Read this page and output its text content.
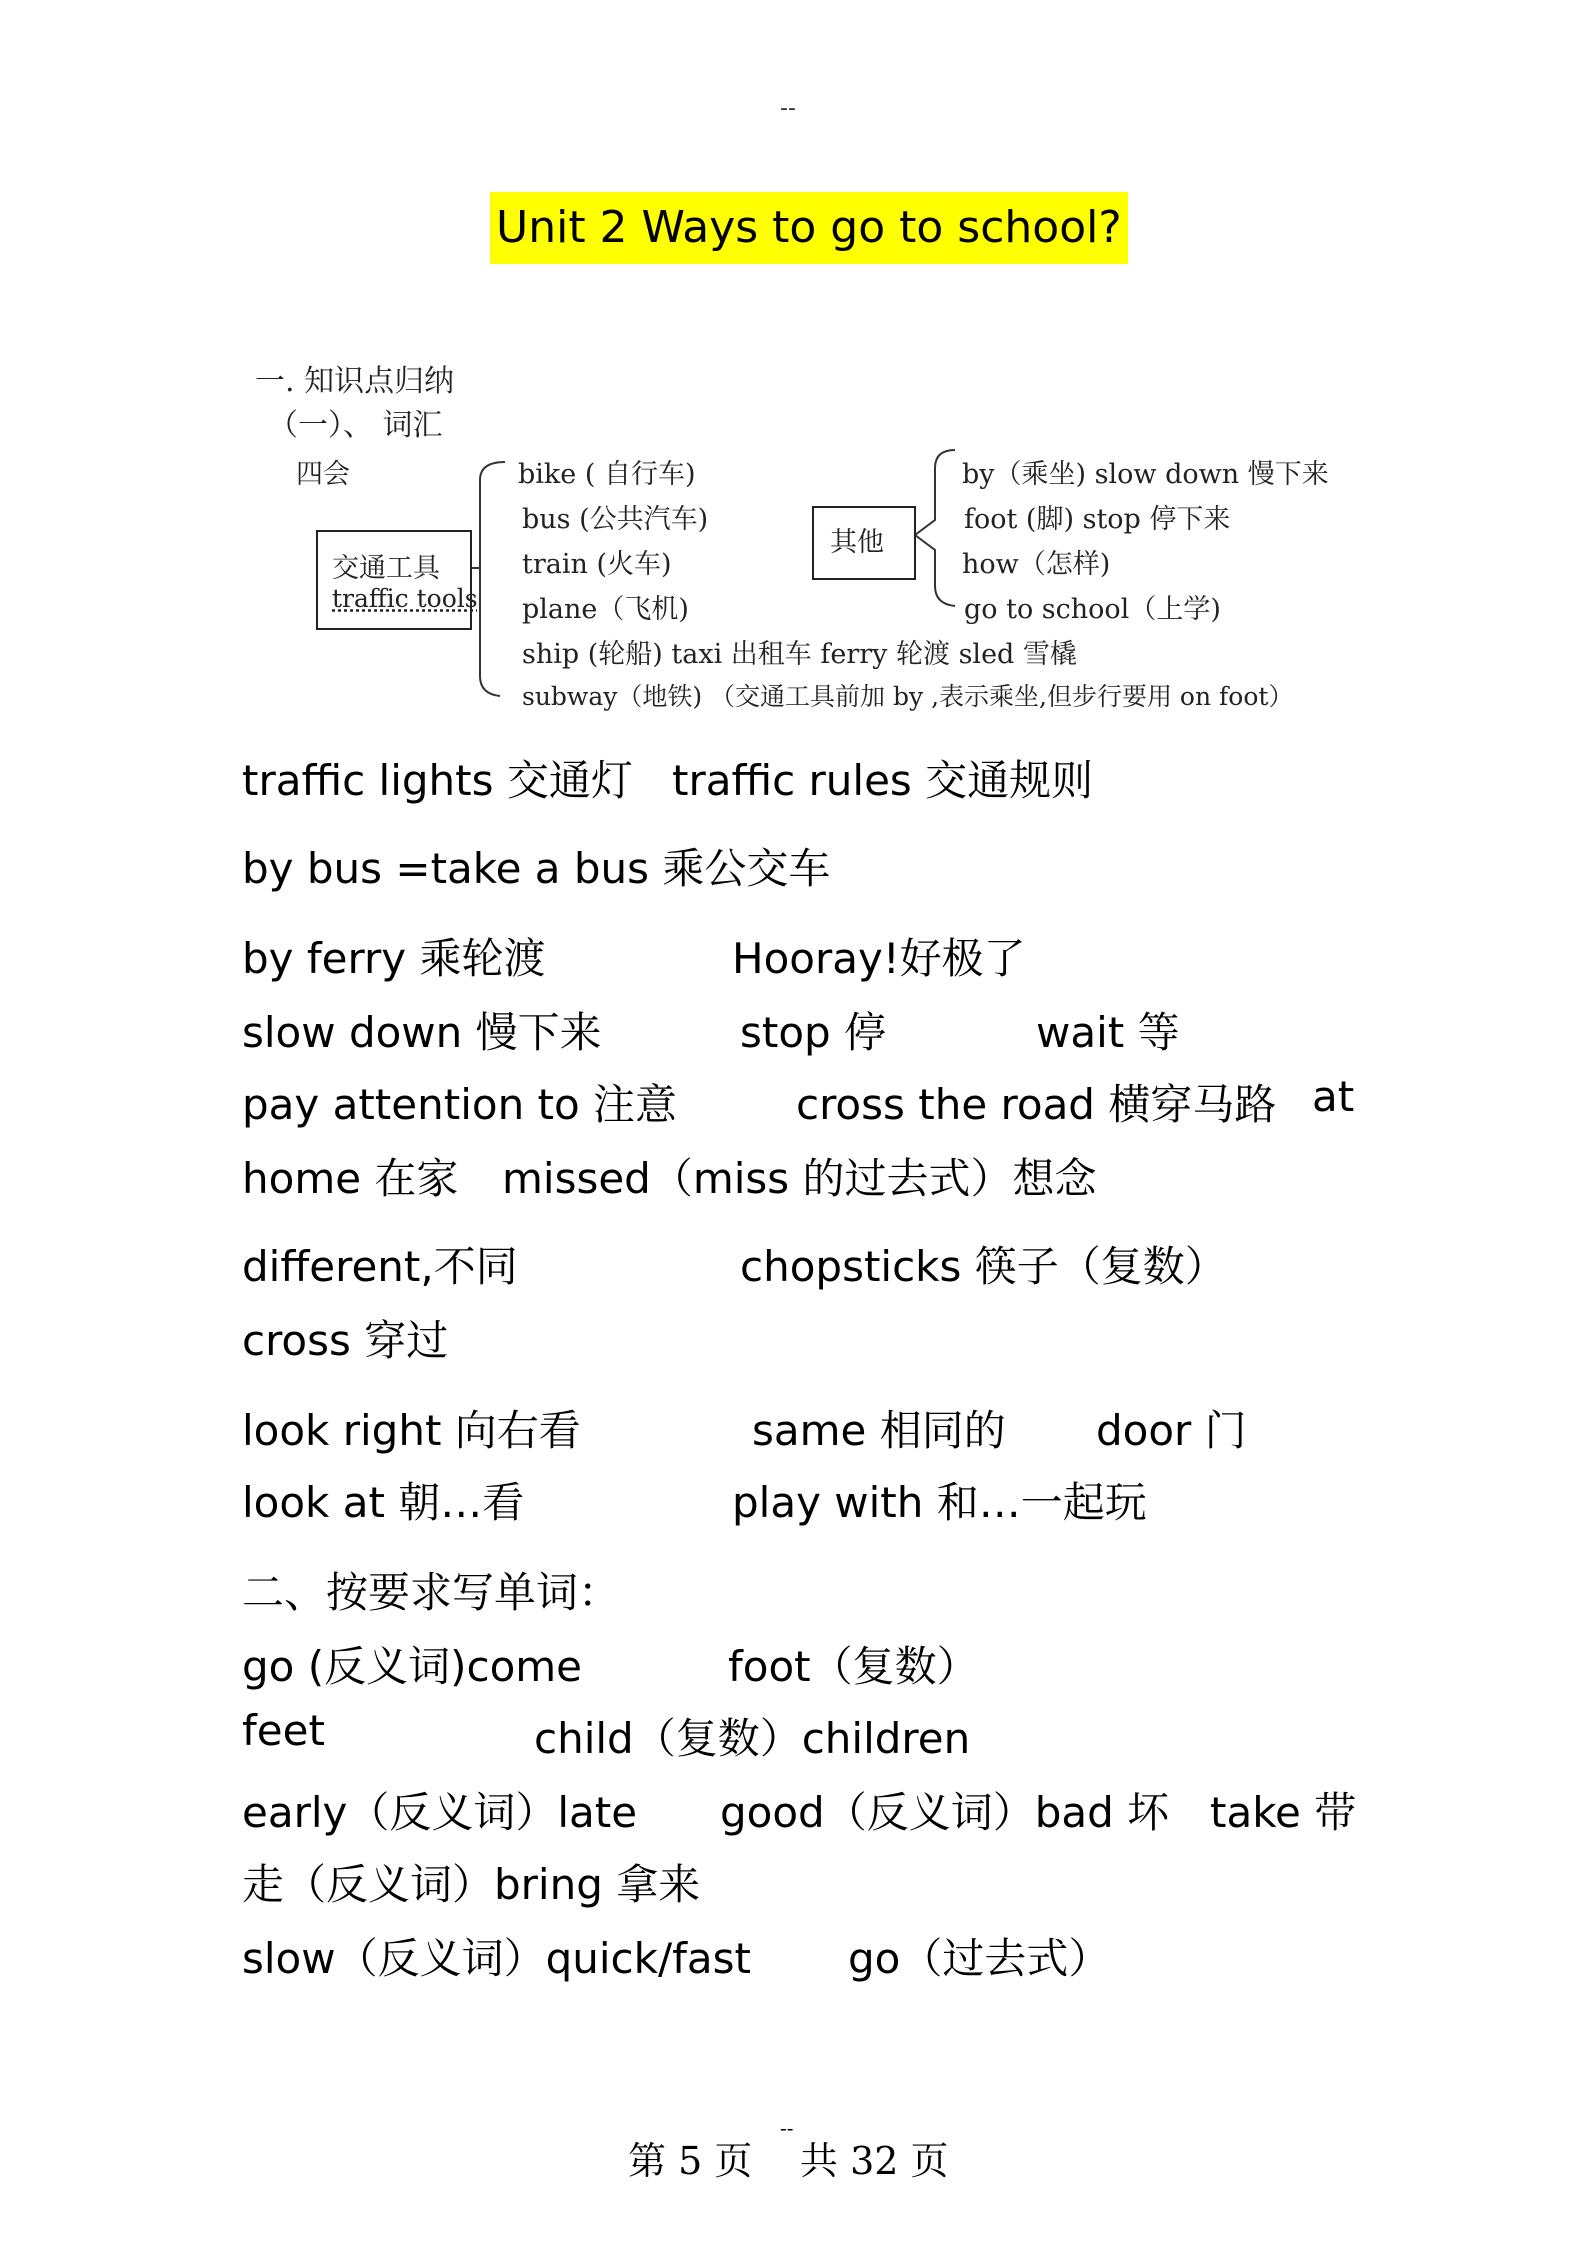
--
Unit 2 Ways to go to school?
一. 知识点归纳
（一）、 词汇
四会
交通工具
traffic tools
其他
bike ( 自行车)
bus (公共汽车)
train (火车)
plane（飞机)
ship (轮船) taxi 出租车 ferry 轮渡 sled 雪橇
subway（地铁) （交通工具前加 by ,表示乘坐,但步行要用 on foot）
by（乘坐) slow down 慢下来
foot (脚) stop 停下来
how（怎样)
go to school（上学)
traffic lights 交通灯 traffic rules 交通规则
by bus =take a bus 乘公交车
by ferry 乘轮渡	Hooray!好极了
slow down 慢下来	stop 停	wait 等
pay attention to 注意	cross the road 横穿马路 at
home 在家 missed（miss 的过去式）想念
different,不同	chopsticks 筷子（复数）
cross 穿过
look right 向右看	same 相同的 door 门
look at 朝…看	play with 和…一起玩
二、按要求写单词：
go (反义词)come	foot（复数）
feet	child（复数）children
early（反义词）late good（反义词）bad 坏 take 带
走（反义词）bring 拿来
slow（反义词）quick/fast go（过去式）
第 5 页
--
共 32 页
